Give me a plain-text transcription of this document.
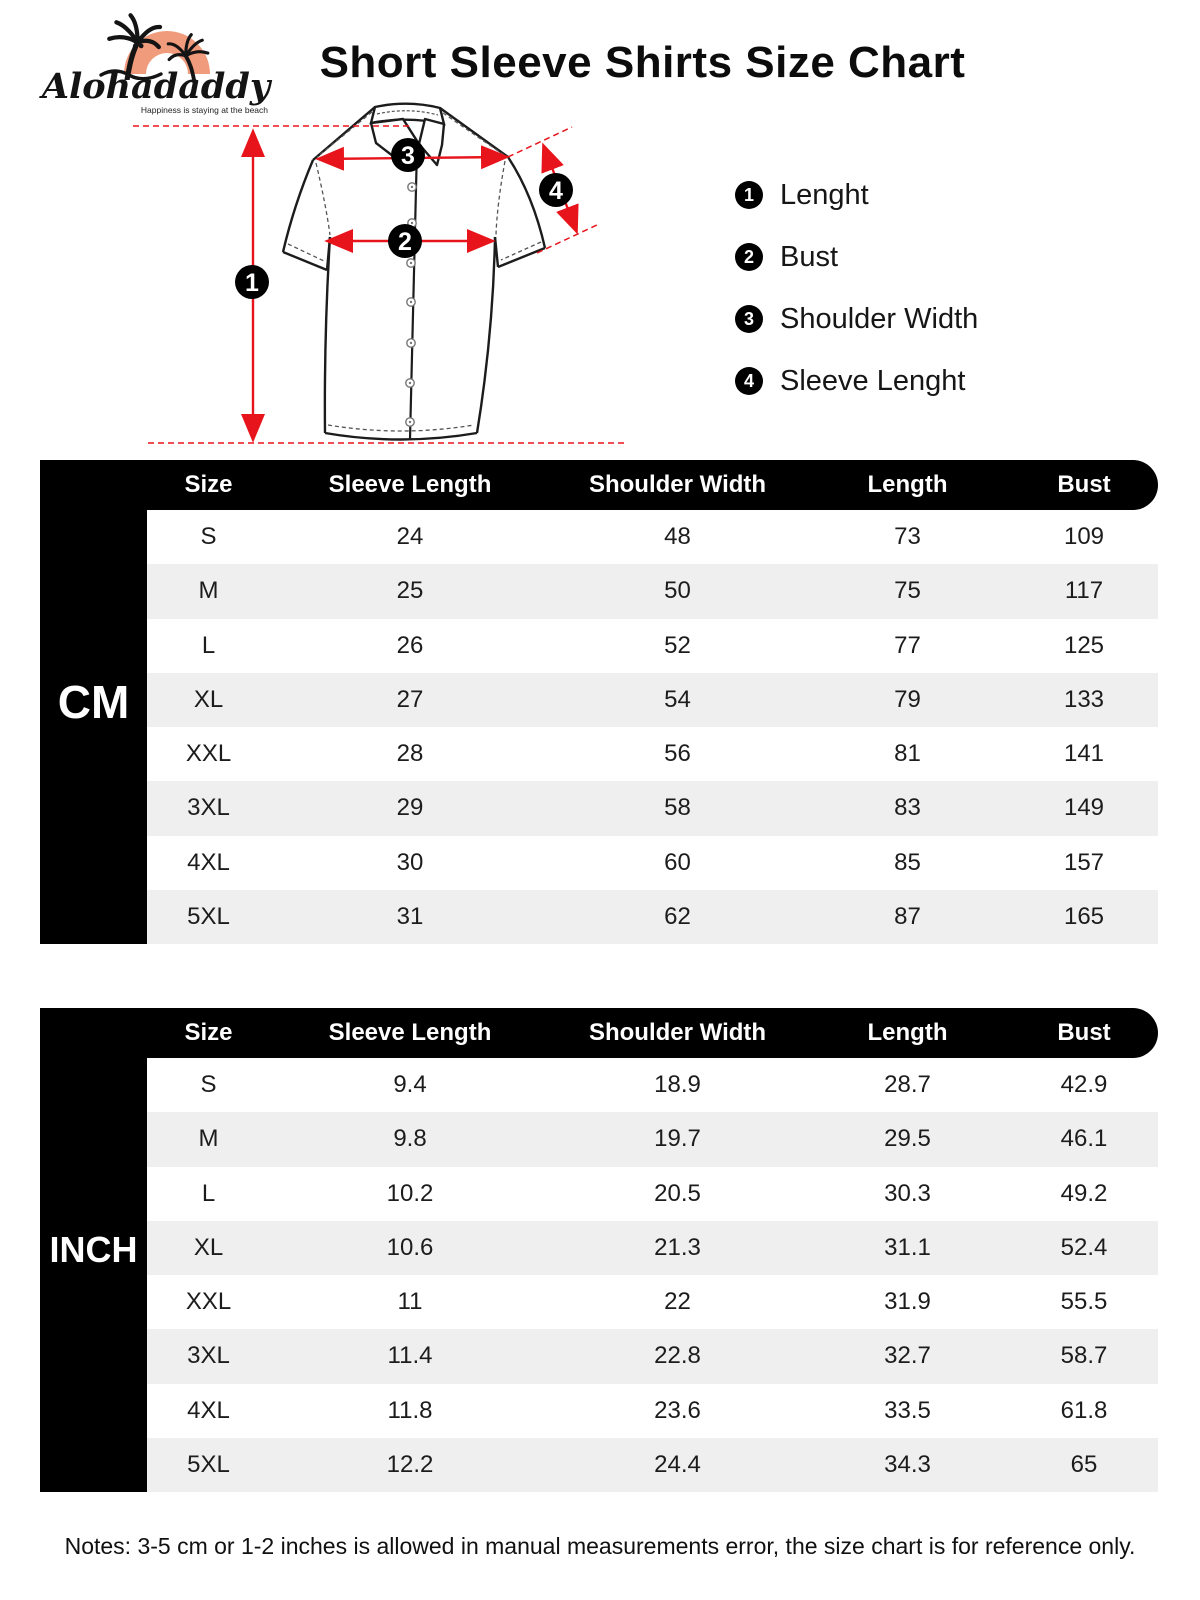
Alohadaddy
Happiness is staying at the beach
Short Sleeve Shirts Size Chart
1
2
3
4	1 Lenght
2 Bust
3 Shoulder Width
4 Sleeve Lenght
CM
Size	Sleeve Length	Shoulder Width	Length	Bust
S	24	48	73	109
M	25	50	75	117
L	26	52	77	125
XL	27	54	79	133
XXL	28	56	81	141
3XL	29	58	83	149
4XL	30	60	85	157
5XL	31	62	87	165
INCH
Size	Sleeve Length	Shoulder Width	Length	Bust
S	9.4	18.9	28.7	42.9
M	9.8	19.7	29.5	46.1
L	10.2	20.5	30.3	49.2
XL	10.6	21.3	31.1	52.4
XXL	11	22	31.9	55.5
3XL	11.4	22.8	32.7	58.7
4XL	11.8	23.6	33.5	61.8
5XL	12.2	24.4	34.3	65

Notes: 3-5 cm or 1-2 inches is allowed in manual measurements error, the size chart is for reference only.
